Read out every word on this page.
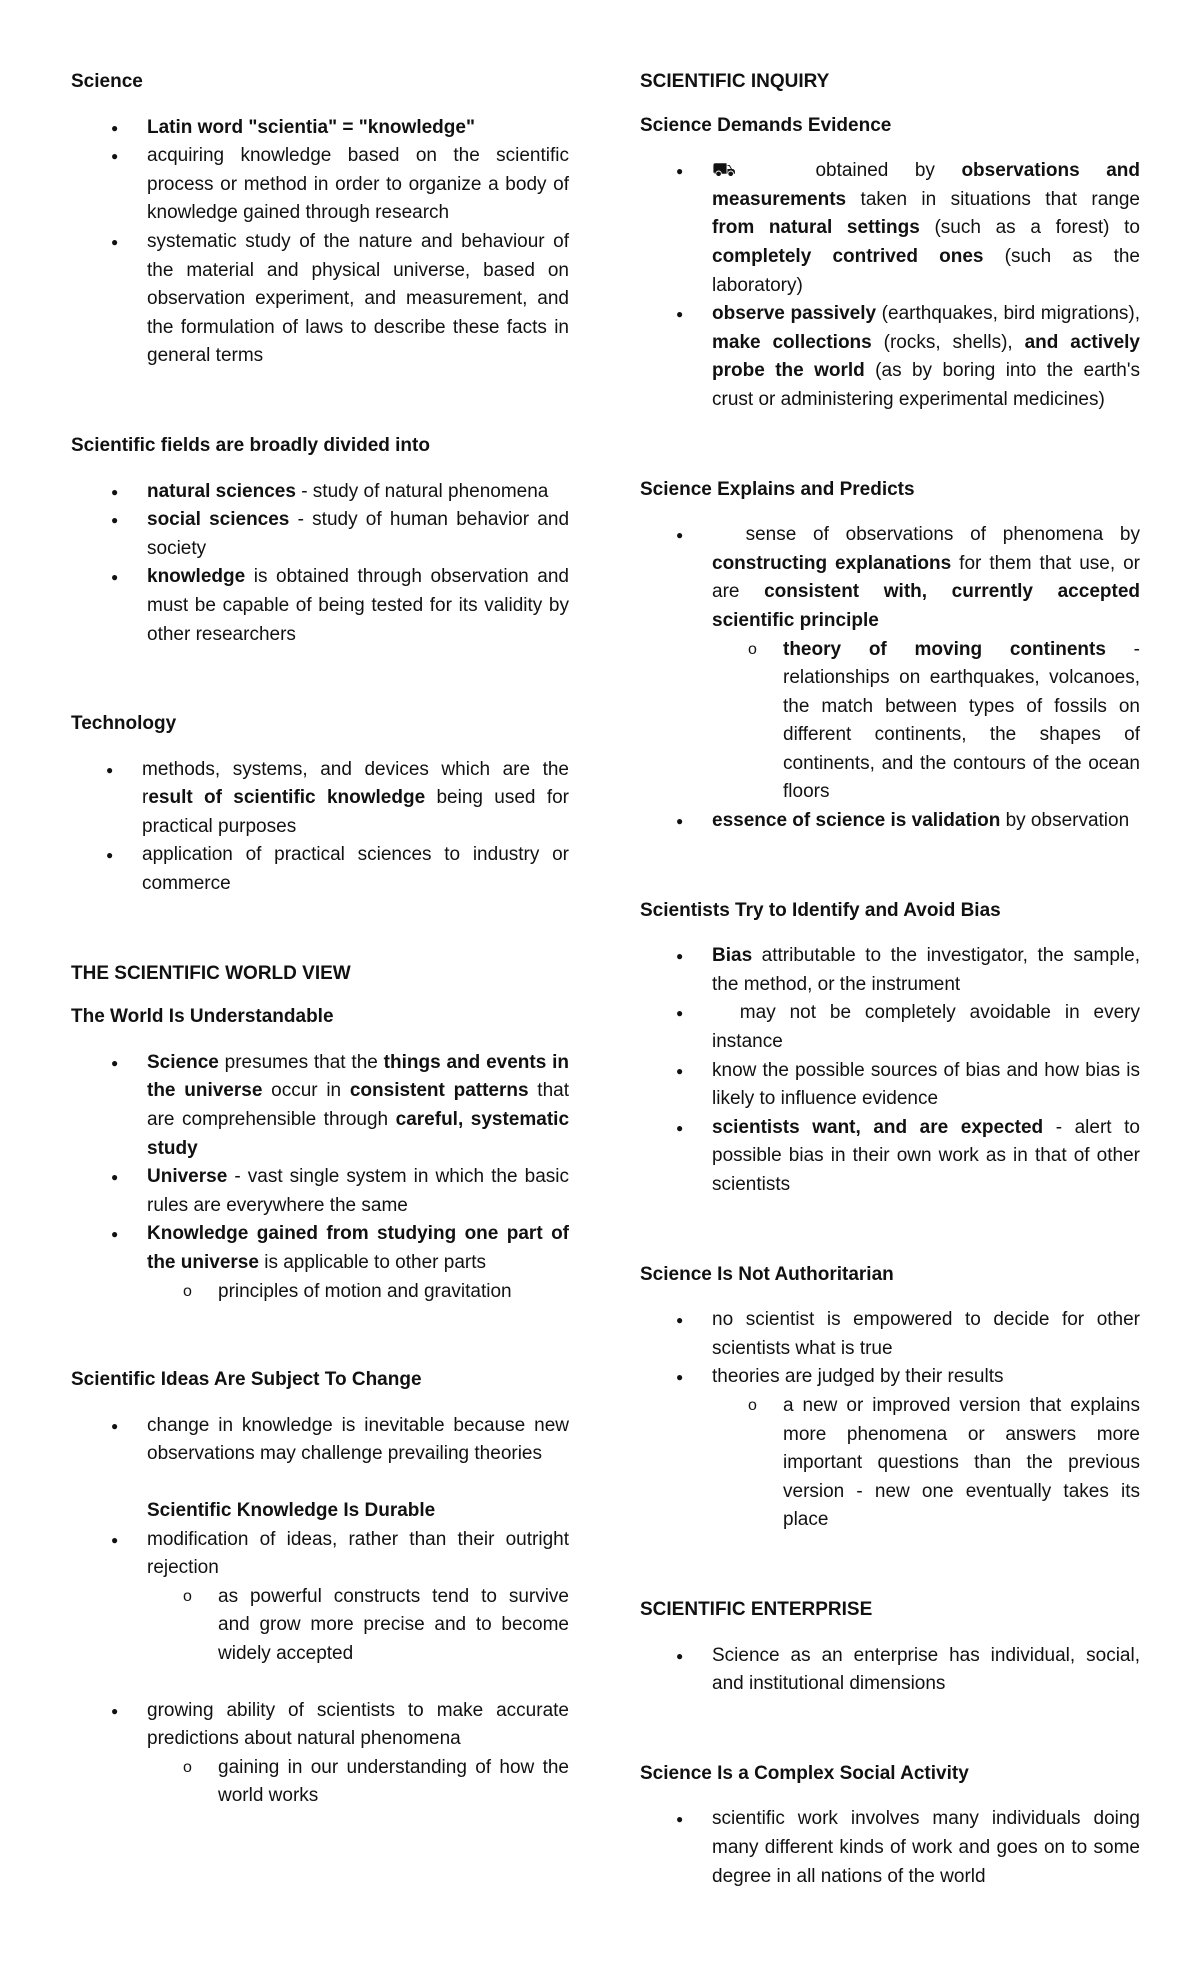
Science
● Latin word "scientia" = "knowledge"
● acquiring knowledge based on the scientific process or method in order to organize a body of knowledge gained through research
● systematic study of the nature and behaviour of the material and physical universe, based on observation experiment, and measurement, and the formulation of laws to describe these facts in general terms
Scientific fields are broadly divided into
● natural sciences - study of natural phenomena
● social sciences - study of human behavior and society
● knowledge is obtained through observation and must be capable of being tested for its validity by other researchers
Technology
● methods, systems, and devices which are the result of scientific knowledge being used for practical purposes
● application of practical sciences to industry or commerce
THE SCIENTIFIC WORLD VIEW
The World Is Understandable
● Science presumes that the things and events in the universe occur in consistent patterns that are comprehensible through careful, systematic study
● Universe - vast single system in which the basic rules are everywhere the same
● Knowledge gained from studying one part of the universe is applicable to other parts
o principles of motion and gravitation
Scientific Ideas Are Subject To Change
● change in knowledge is inevitable because new observations may challenge prevailing theories
Scientific Knowledge Is Durable
● modification of ideas, rather than their outright rejection
o as powerful constructs tend to survive and grow more precise and to become widely accepted
● growing ability of scientists to make accurate predictions about natural phenomena
o gaining in our understanding of how the world works
SCIENTIFIC INQUIRY
Science Demands Evidence
● ⛟   obtained by observations and measurements taken in situations that range from natural settings (such as a forest) to completely contrived ones (such as the laboratory)
● observe passively (earthquakes, bird migrations), make collections (rocks, shells), and actively probe the world (as by boring into the earth's crust or administering experimental medicines)
Science Explains and Predicts
●   sense of observations of phenomena by constructing explanations for them that use, or are consistent with, currently accepted scientific principle
o theory of moving continents - relationships on earthquakes, volcanoes, the match between types of fossils on different continents, the shapes of continents, and the contours of the ocean floors
● essence of science is validation by observation
Scientists Try to Identify and Avoid Bias
● Bias attributable to the investigator, the sample, the method, or the instrument
●   may not be completely avoidable in every instance
● know the possible sources of bias and how bias is likely to influence evidence
● scientists want, and are expected - alert to possible bias in their own work as in that of other scientists
Science Is Not Authoritarian
● no scientist is empowered to decide for other scientists what is true
● theories are judged by their results
o a new or improved version that explains more phenomena or answers more important questions than the previous version - new one eventually takes its place
SCIENTIFIC ENTERPRISE
● Science as an enterprise has individual, social, and institutional dimensions
Science Is a Complex Social Activity
● scientific work involves many individuals doing many different kinds of work and goes on to some degree in all nations of the world
